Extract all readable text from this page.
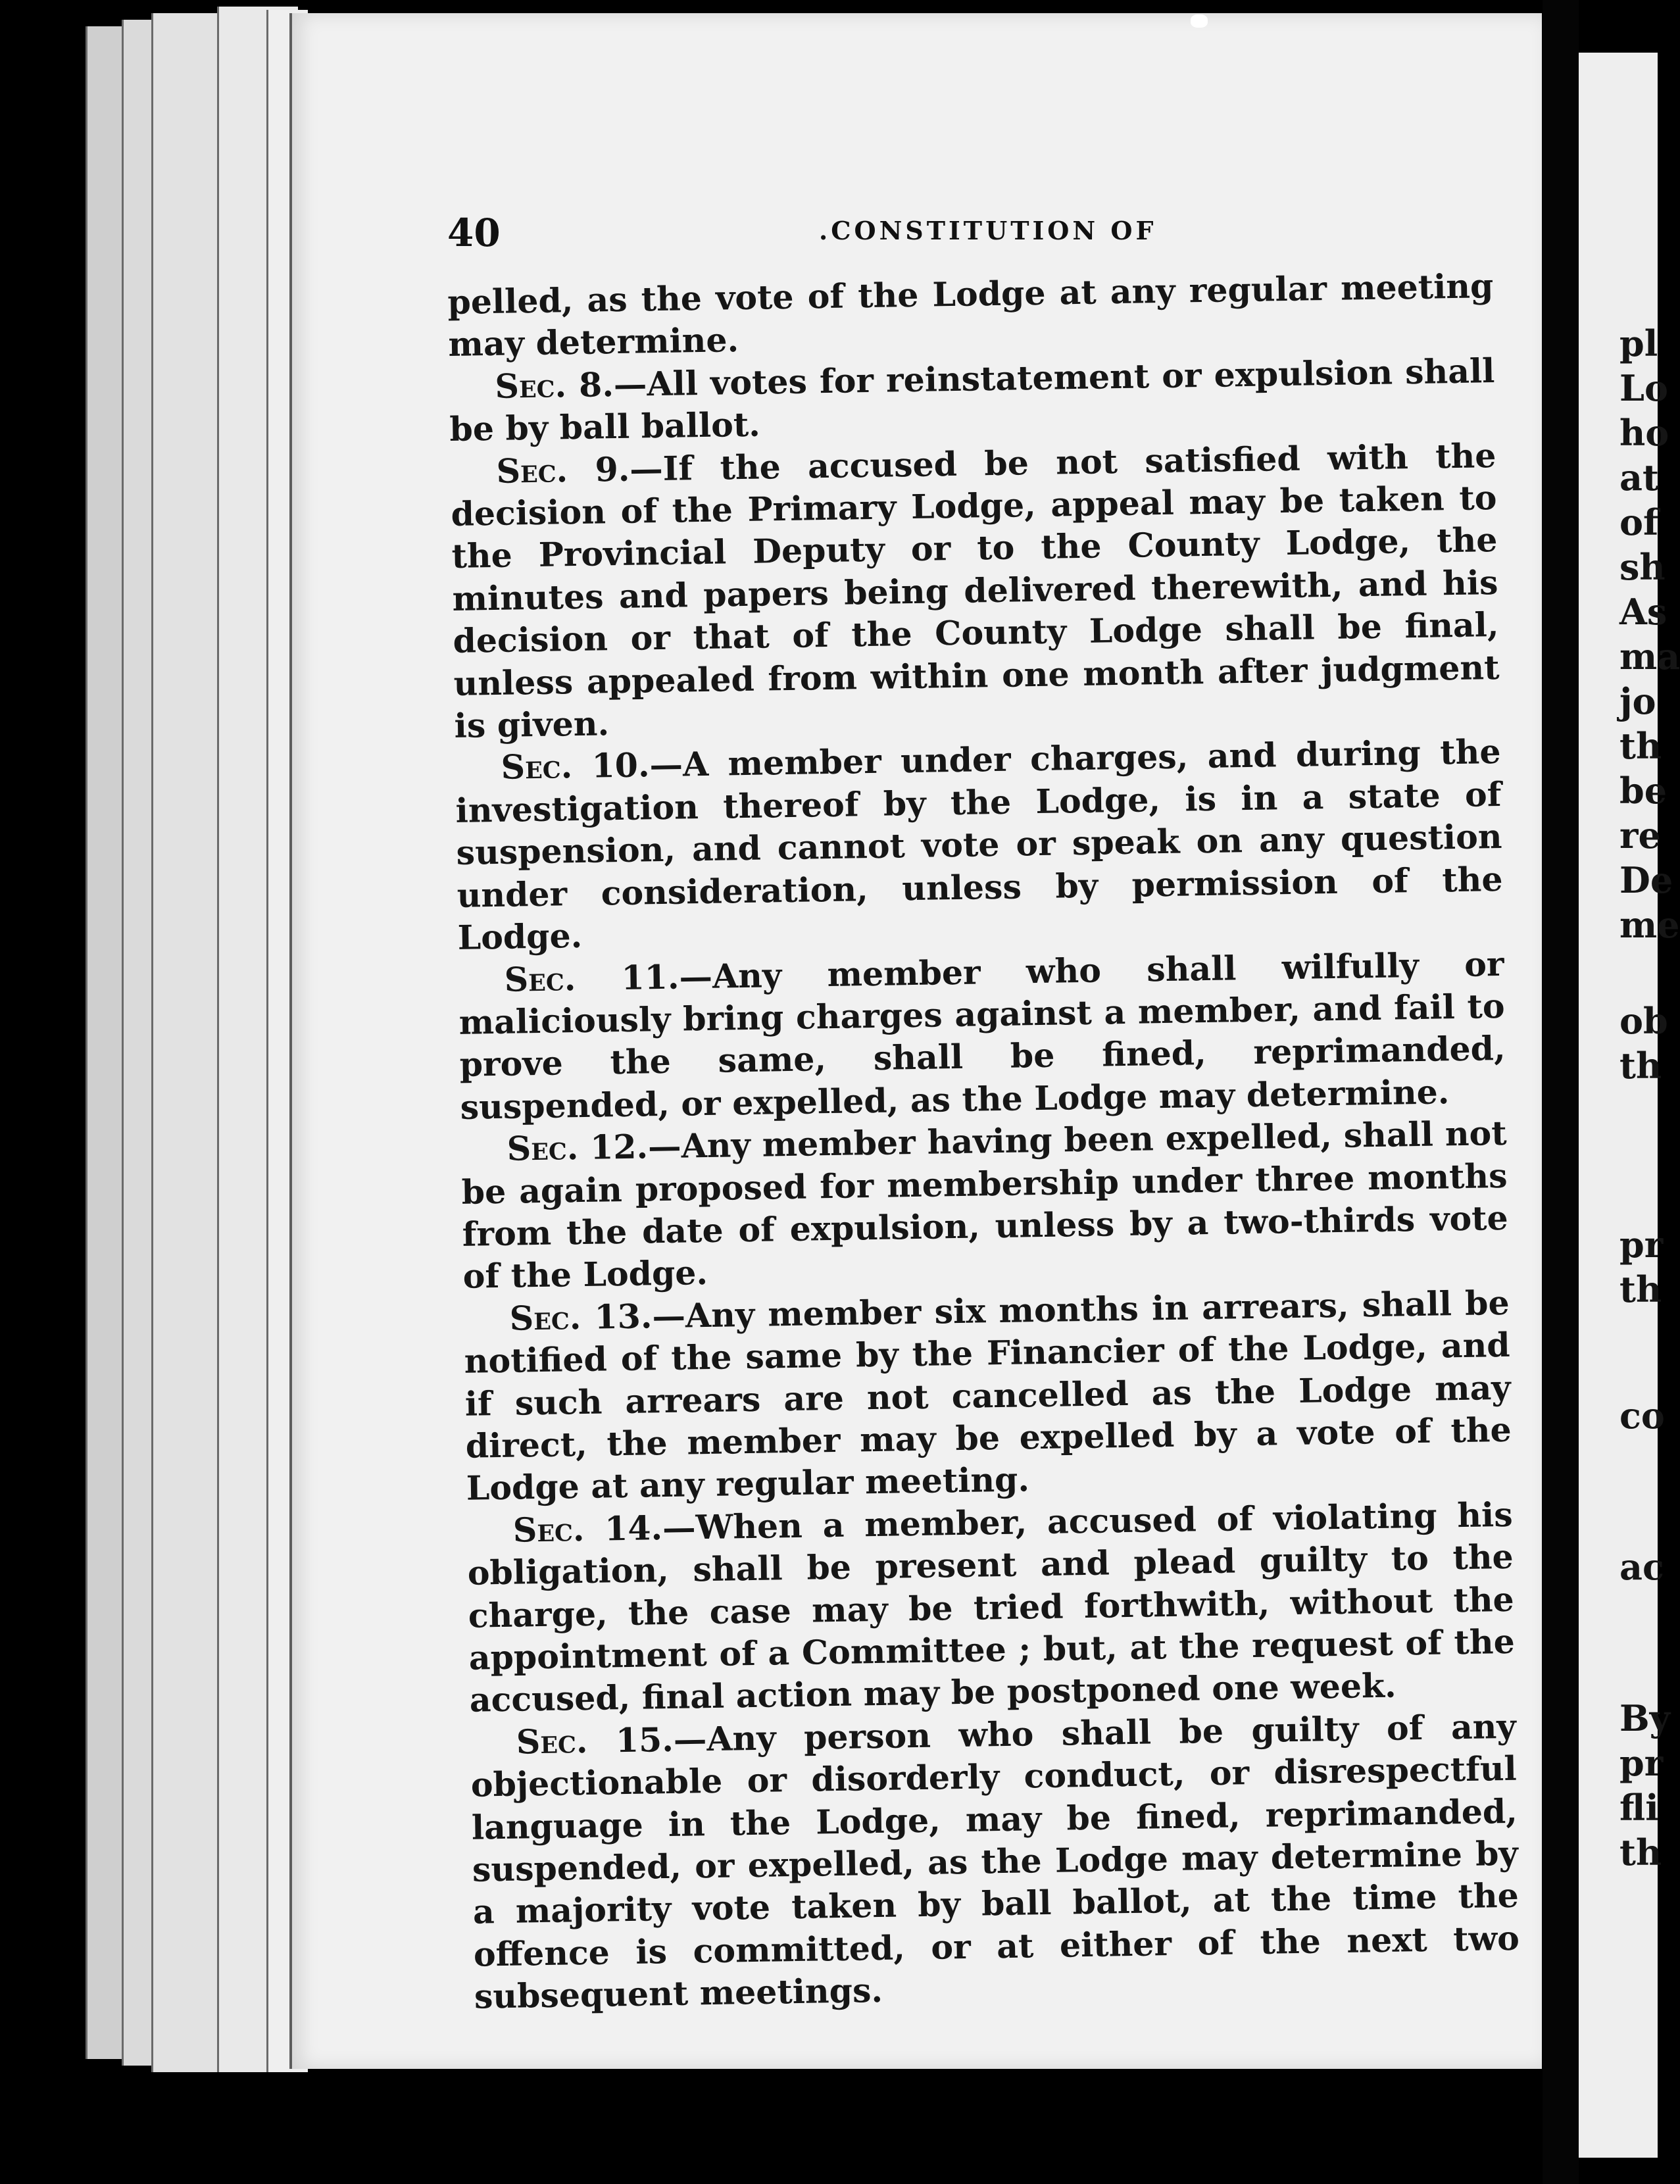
pl
Lo
ho
at
of
sh
As
ma
jo
th
be
re
De
me
ob
th
pr
th
co
ac
By
pr
fli
th
40	.CONSTITUTION OF

pelled, as the vote of the Lodge at any regular meeting may determine.

Sec. 8.—All votes for reinstatement or expulsion shall be by ball ballot.

Sec. 9.—If the accused be not satisfied with the decision of the Primary Lodge, appeal may be taken to the Provincial Deputy or to the County Lodge, the minutes and papers being delivered therewith, and his decision or that of the County Lodge shall be final, unless appealed from within one month after judgment is given.

Sec. 10.—A member under charges, and during the investigation thereof by the Lodge, is in a state of suspension, and cannot vote or speak on any question under consideration, unless by permission of the Lodge.

Sec. 11.—Any member who shall wilfully or maliciously bring charges against a member, and fail to prove the same, shall be fined, reprimanded, suspended, or expelled, as the Lodge may determine.

Sec. 12.—Any member having been expelled, shall not be again proposed for membership under three months from the date of expulsion, unless by a two-thirds vote of the Lodge.

Sec. 13.—Any member six months in arrears, shall be notified of the same by the Financier of the Lodge, and if such arrears are not cancelled as the Lodge may direct, the member may be expelled by a vote of the Lodge at any regular meeting.

Sec. 14.—When a member, accused of violating his obligation, shall be present and plead guilty to the charge, the case may be tried forthwith, without the appointment of a Committee ; but, at the request of the accused, final action may be postponed one week.

Sec. 15.—Any person who shall be guilty of any objectionable or disorderly conduct, or disrespectful language in the Lodge, may be fined, reprimanded, suspended, or expelled, as the Lodge may determine by a majority vote taken by ball ballot, at the time the offence is committed, or at either of the next two subsequent meetings.
